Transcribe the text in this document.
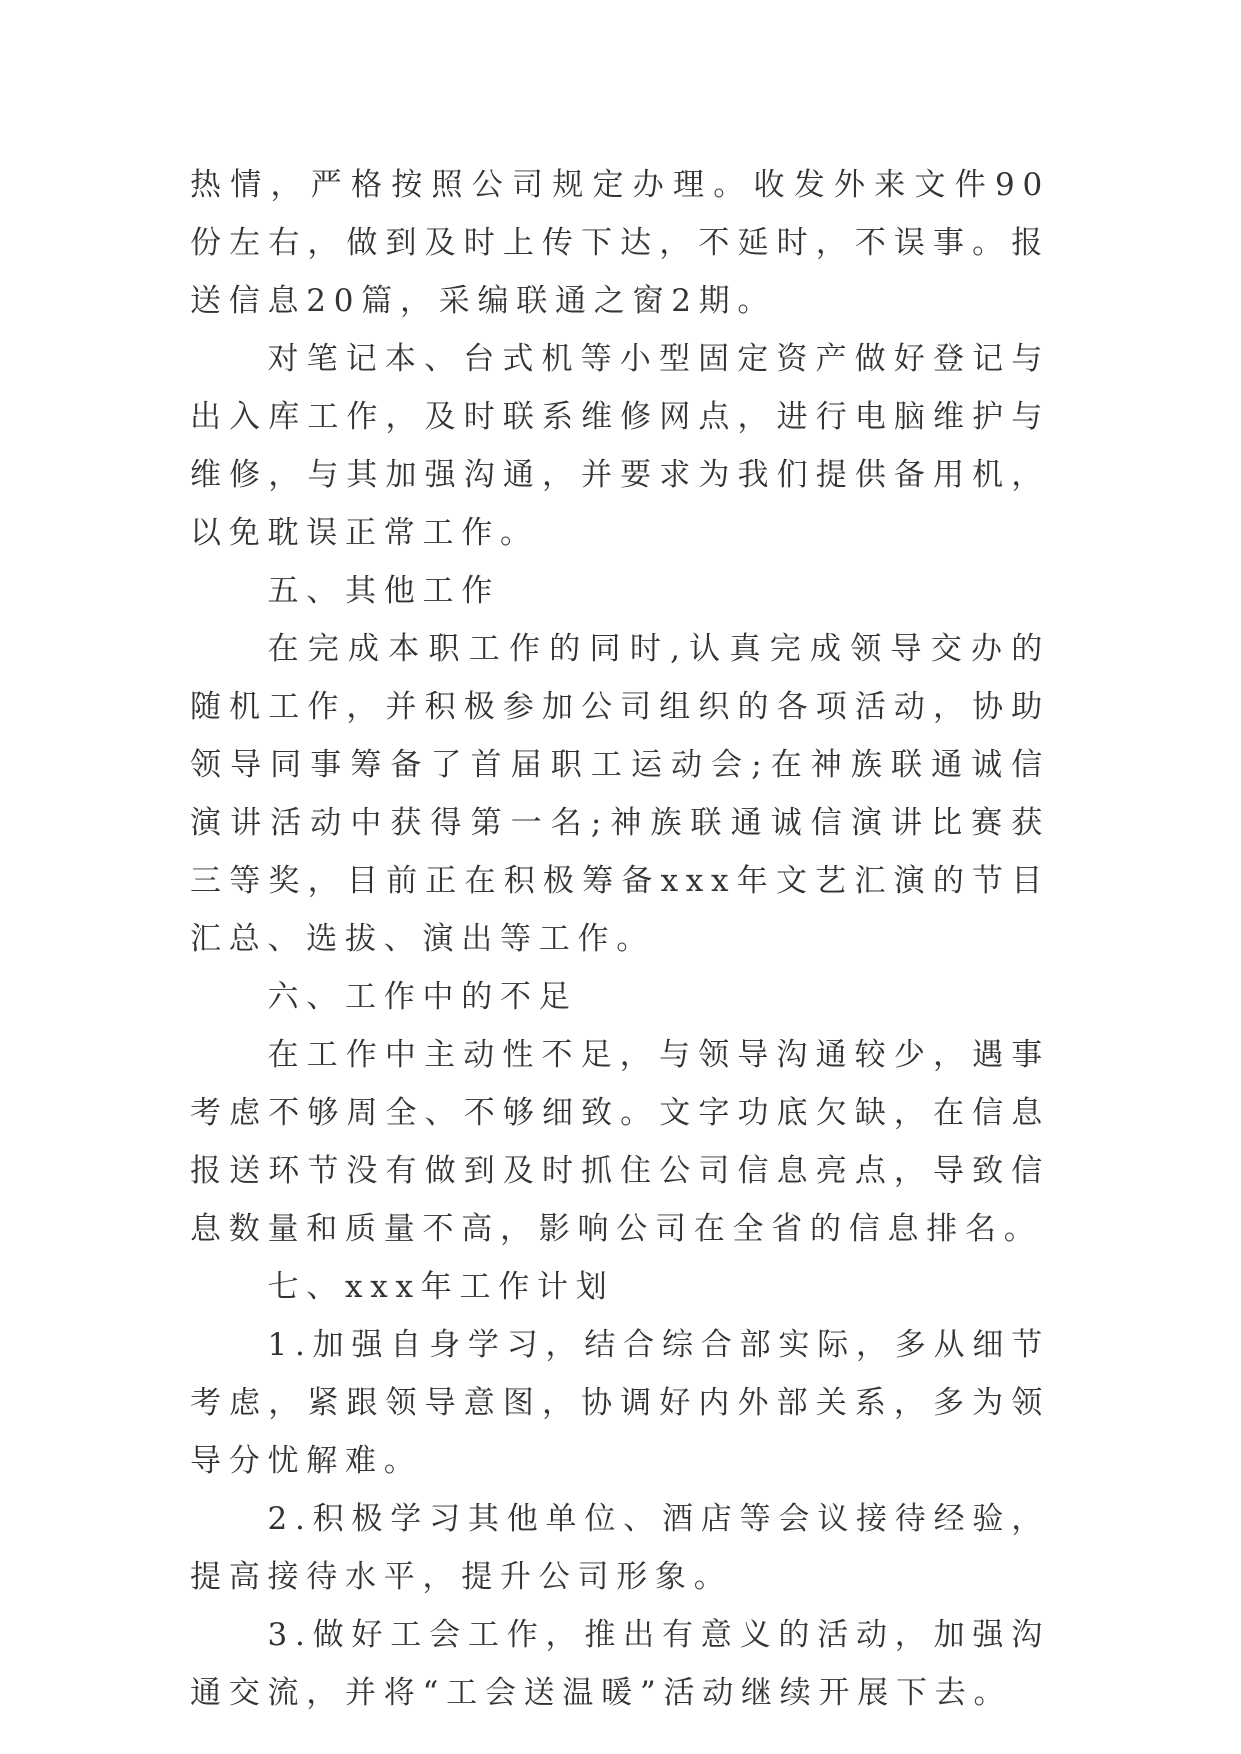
热情，严格按照公司规定办理。收发外来文件90份左右，做到及时上传下达，不延时，不误事。报送信息20篇，采编联通之窗2期。

对笔记本、台式机等小型固定资产做好登记与出入库工作，及时联系维修网点，进行电脑维护与维修，与其加强沟通，并要求为我们提供备用机，以免耽误正常工作。

五、其他工作

在完成本职工作的同时,认真完成领导交办的随机工作，并积极参加公司组织的各项活动，协助领导同事筹备了首届职工运动会;在神族联通诚信演讲活动中获得第一名;神族联通诚信演讲比赛获三等奖，目前正在积极筹备xxx年文艺汇演的节目汇总、选拔、演出等工作。

六、工作中的不足

在工作中主动性不足，与领导沟通较少，遇事考虑不够周全、不够细致。文字功底欠缺，在信息报送环节没有做到及时抓住公司信息亮点，导致信息数量和质量不高，影响公司在全省的信息排名。

七、xxx年工作计划

1.加强自身学习，结合综合部实际，多从细节考虑，紧跟领导意图，协调好内外部关系，多为领导分忧解难。

2.积极学习其他单位、酒店等会议接待经验，提高接待水平，提升公司形象。

3.做好工会工作，推出有意义的活动，加强沟通交流，并将“工会送温暖”活动继续开展下去。
